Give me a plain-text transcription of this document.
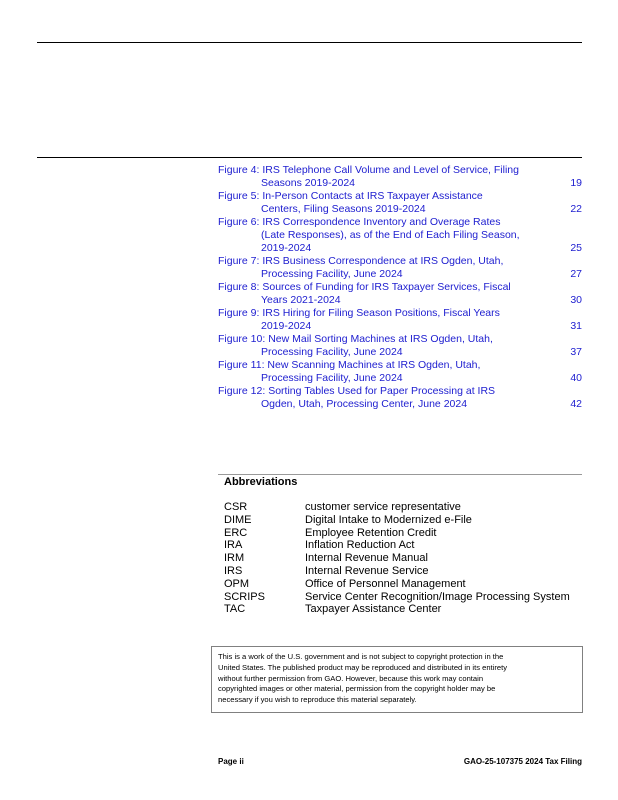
Figure 4: IRS Telephone Call Volume and Level of Service, Filing
Seasons 2019-2024	19
Figure 5: In-Person Contacts at IRS Taxpayer Assistance
Centers, Filing Seasons 2019-2024	22
Figure 6: IRS Correspondence Inventory and Overage Rates
(Late Responses), as of the End of Each Filing Season,
2019-2024	25
Figure 7: IRS Business Correspondence at IRS Ogden, Utah,
Processing Facility, June 2024	27
Figure 8: Sources of Funding for IRS Taxpayer Services, Fiscal
Years 2021-2024	30
Figure 9: IRS Hiring for Filing Season Positions, Fiscal Years
2019-2024	31
Figure 10: New Mail Sorting Machines at IRS Ogden, Utah,
Processing Facility, June 2024	37
Figure 11: New Scanning Machines at IRS Ogden, Utah,
Processing Facility, June 2024	40
Figure 12: Sorting Tables Used for Paper Processing at IRS
Ogden, Utah, Processing Center, June 2024	42
Abbreviations
CSR	customer service representative
DIME	Digital Intake to Modernized e-File
ERC	Employee Retention Credit
IRA	Inflation Reduction Act
IRM	Internal Revenue Manual
IRS	Internal Revenue Service
OPM	Office of Personnel Management
SCRIPS	Service Center Recognition/Image Processing System
TAC	Taxpayer Assistance Center
This is a work of the U.S. government and is not subject to copyright protection in the
United States. The published product may be reproduced and distributed in its entirety
without further permission from GAO. However, because this work may contain
copyrighted images or other material, permission from the copyright holder may be
necessary if you wish to reproduce this material separately.
Page ii	GAO-25-107375 2024 Tax Filing
